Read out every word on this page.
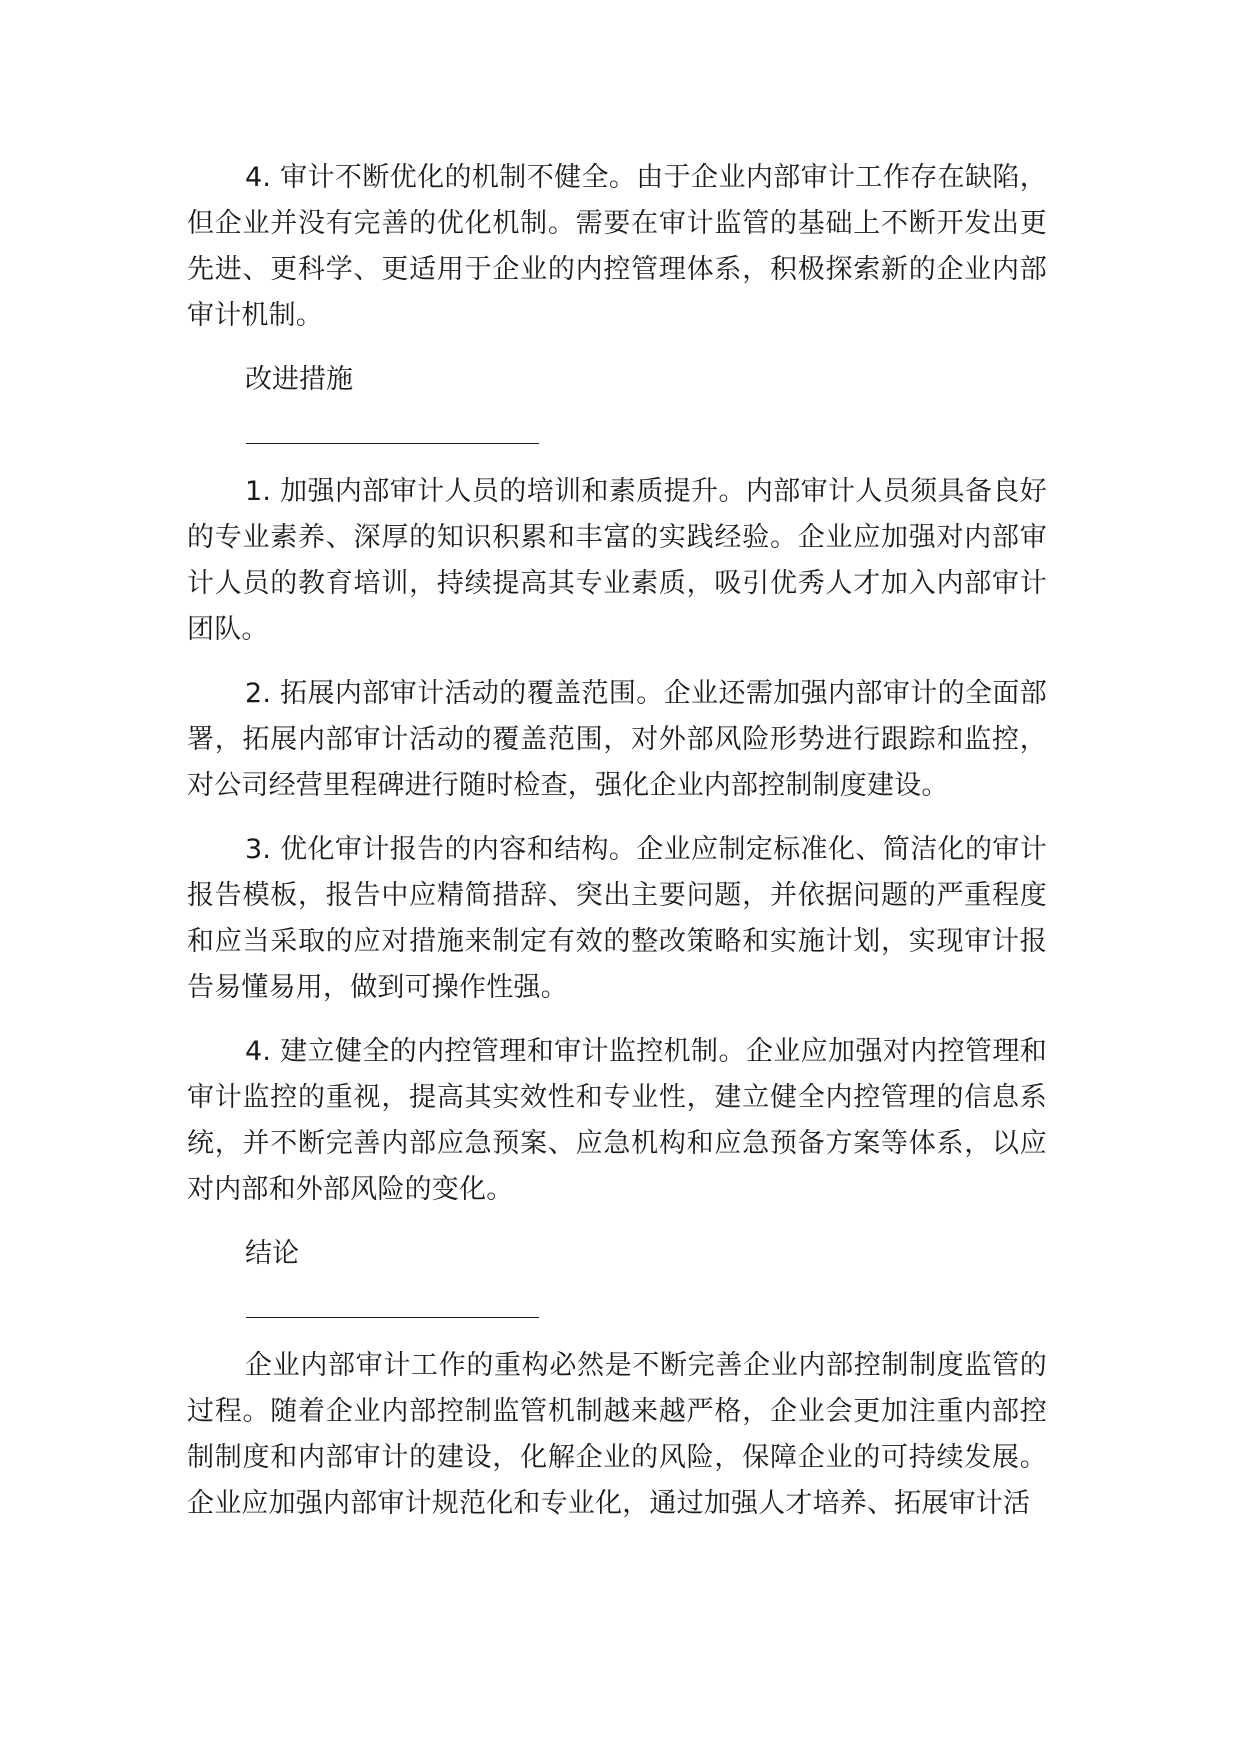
4. 审计不断优化的机制不健全。由于企业内部审计工作存在缺陷，但企业并没有完善的优化机制。需要在审计监管的基础上不断开发出更先进、更科学、更适用于企业的内控管理体系，积极探索新的企业内部审计机制。

改进措施

1. 加强内部审计人员的培训和素质提升。内部审计人员须具备良好的专业素养、深厚的知识积累和丰富的实践经验。企业应加强对内部审计人员的教育培训，持续提高其专业素质，吸引优秀人才加入内部审计团队。

2. 拓展内部审计活动的覆盖范围。企业还需加强内部审计的全面部署，拓展内部审计活动的覆盖范围，对外部风险形势进行跟踪和监控，对公司经营里程碑进行随时检查，强化企业内部控制制度建设。

3. 优化审计报告的内容和结构。企业应制定标准化、简洁化的审计报告模板，报告中应精简措辞、突出主要问题，并依据问题的严重程度和应当采取的应对措施来制定有效的整改策略和实施计划，实现审计报告易懂易用，做到可操作性强。

4. 建立健全的内控管理和审计监控机制。企业应加强对内控管理和审计监控的重视，提高其实效性和专业性，建立健全内控管理的信息系统，并不断完善内部应急预案、应急机构和应急预备方案等体系，以应对内部和外部风险的变化。

结论

企业内部审计工作的重构必然是不断完善企业内部控制制度监管的过程。随着企业内部控制监管机制越来越严格，企业会更加注重内部控制制度和内部审计的建设，化解企业的风险，保障企业的可持续发展。企业应加强内部审计规范化和专业化，通过加强人才培养、拓展审计活
